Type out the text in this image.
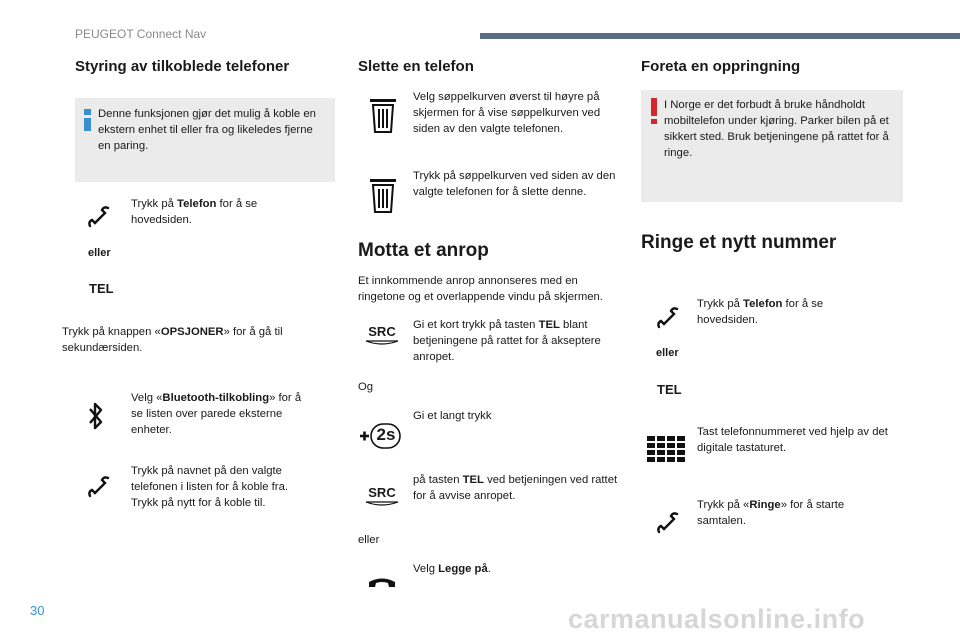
PEUGEOT Connect Nav
Styring av tilkoblede telefoner
Denne funksjonen gjør det mulig å koble en ekstern enhet til eller fra og likeledes fjerne en paring.
Trykk på Telefon for å se hovedsiden.
eller
TEL
Trykk på knappen «OPSJONER» for å gå til sekundærsiden.
Velg «Bluetooth-tilkobling» for å se listen over parede eksterne enheter.
Trykk på navnet på den valgte telefonen i listen for å koble fra. Trykk på nytt for å koble til.
Slette en telefon
Velg søppelkurven øverst til høyre på skjermen for å vise søppelkurven ved siden av den valgte telefonen.
Trykk på søppelkurven ved siden av den valgte telefonen for å slette denne.
Motta et anrop
Et innkommende anrop annonseres med en ringetone og et overlappende vindu på skjermen.
SRC	Gi et kort trykk på tasten TEL blant betjeningene på rattet for å akseptere anropet.
Og
2s
Gi et langt trykk
SRC
på tasten TEL ved betjeningen ved rattet for å avvise anropet.
eller
Velg Legge på.
Foreta en oppringning
I Norge er det forbudt å bruke håndholdt mobiltelefon under kjøring. Parker bilen på et sikkert sted. Bruk betjeningene på rattet for å ringe.
Ringe et nytt nummer
Trykk på Telefon for å se hovedsiden.
eller
TEL
Tast telefonnummeret ved hjelp av det digitale tastaturet.
Trykk på «Ringe» for å starte samtalen.
30	carmanualsonline.info
